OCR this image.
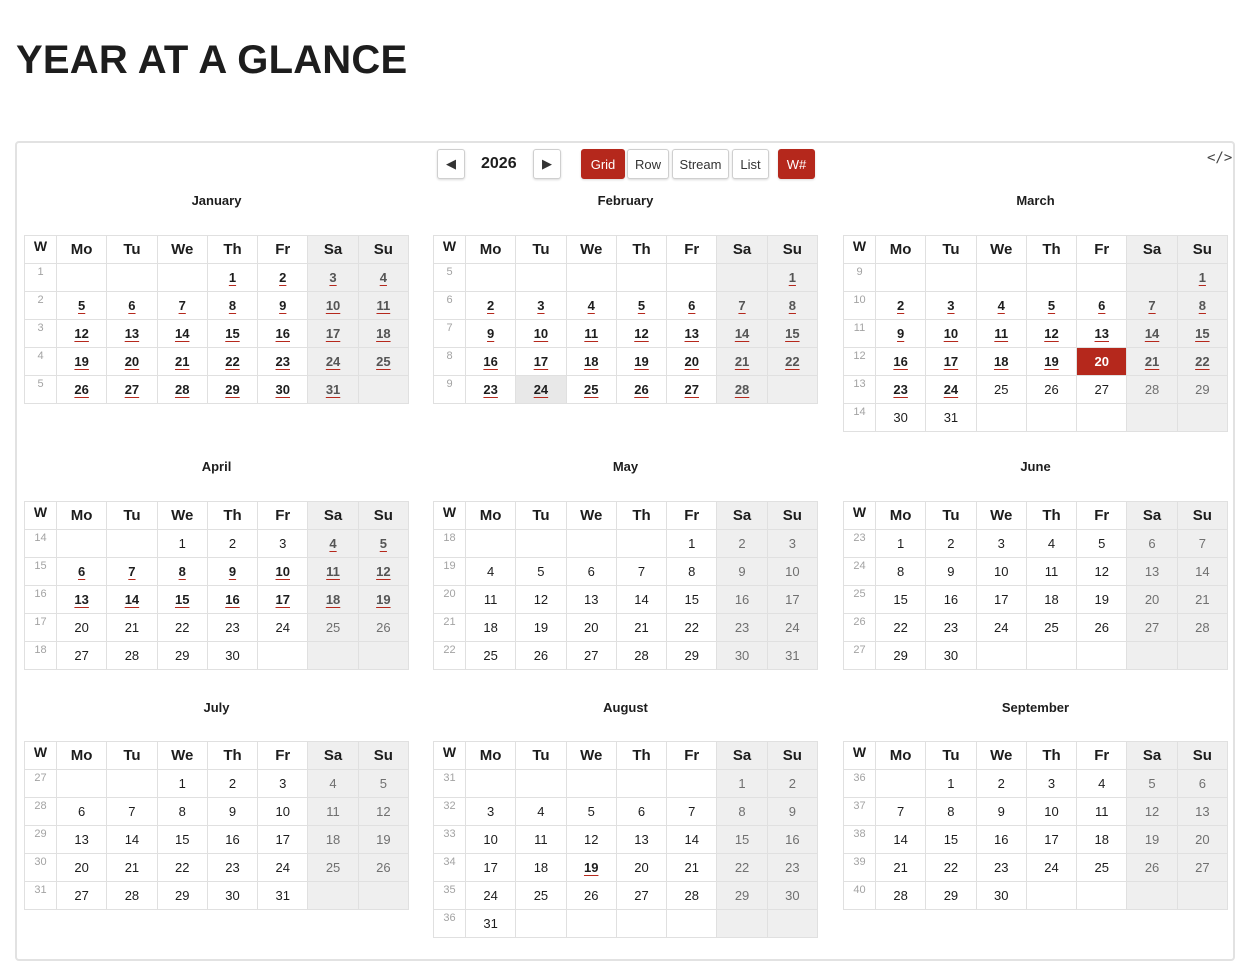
YEAR AT A GLANCE
◀	2026	▶	Grid	Row	Stream	List	W#	</>
January
W	Mo	Tu	We	Th	Fr	Sa	Su
1				1	2	3	4
2	5	6	7	8	9	10	11
3	12	13	14	15	16	17	18
4	19	20	21	22	23	24	25
5	26	27	28	29	30	31	
February
W	Mo	Tu	We	Th	Fr	Sa	Su
5							1
6	2	3	4	5	6	7	8
7	9	10	11	12	13	14	15
8	16	17	18	19	20	21	22
9	23	24	25	26	27	28	
March
W	Mo	Tu	We	Th	Fr	Sa	Su
9							1
10	2	3	4	5	6	7	8
11	9	10	11	12	13	14	15
12	16	17	18	19	20	21	22
13	23	24	25	26	27	28	29
14	30	31					
April
W	Mo	Tu	We	Th	Fr	Sa	Su
14			1	2	3	4	5
15	6	7	8	9	10	11	12
16	13	14	15	16	17	18	19
17	20	21	22	23	24	25	26
18	27	28	29	30			
May
W	Mo	Tu	We	Th	Fr	Sa	Su
18					1	2	3
19	4	5	6	7	8	9	10
20	11	12	13	14	15	16	17
21	18	19	20	21	22	23	24
22	25	26	27	28	29	30	31
June
W	Mo	Tu	We	Th	Fr	Sa	Su
23	1	2	3	4	5	6	7
24	8	9	10	11	12	13	14
25	15	16	17	18	19	20	21
26	22	23	24	25	26	27	28
27	29	30					
July
W	Mo	Tu	We	Th	Fr	Sa	Su
27			1	2	3	4	5
28	6	7	8	9	10	11	12
29	13	14	15	16	17	18	19
30	20	21	22	23	24	25	26
31	27	28	29	30	31		
August
W	Mo	Tu	We	Th	Fr	Sa	Su
31						1	2
32	3	4	5	6	7	8	9
33	10	11	12	13	14	15	16
34	17	18	19	20	21	22	23
35	24	25	26	27	28	29	30
36	31						
September
W	Mo	Tu	We	Th	Fr	Sa	Su
36		1	2	3	4	5	6
37	7	8	9	10	11	12	13
38	14	15	16	17	18	19	20
39	21	22	23	24	25	26	27
40	28	29	30				
